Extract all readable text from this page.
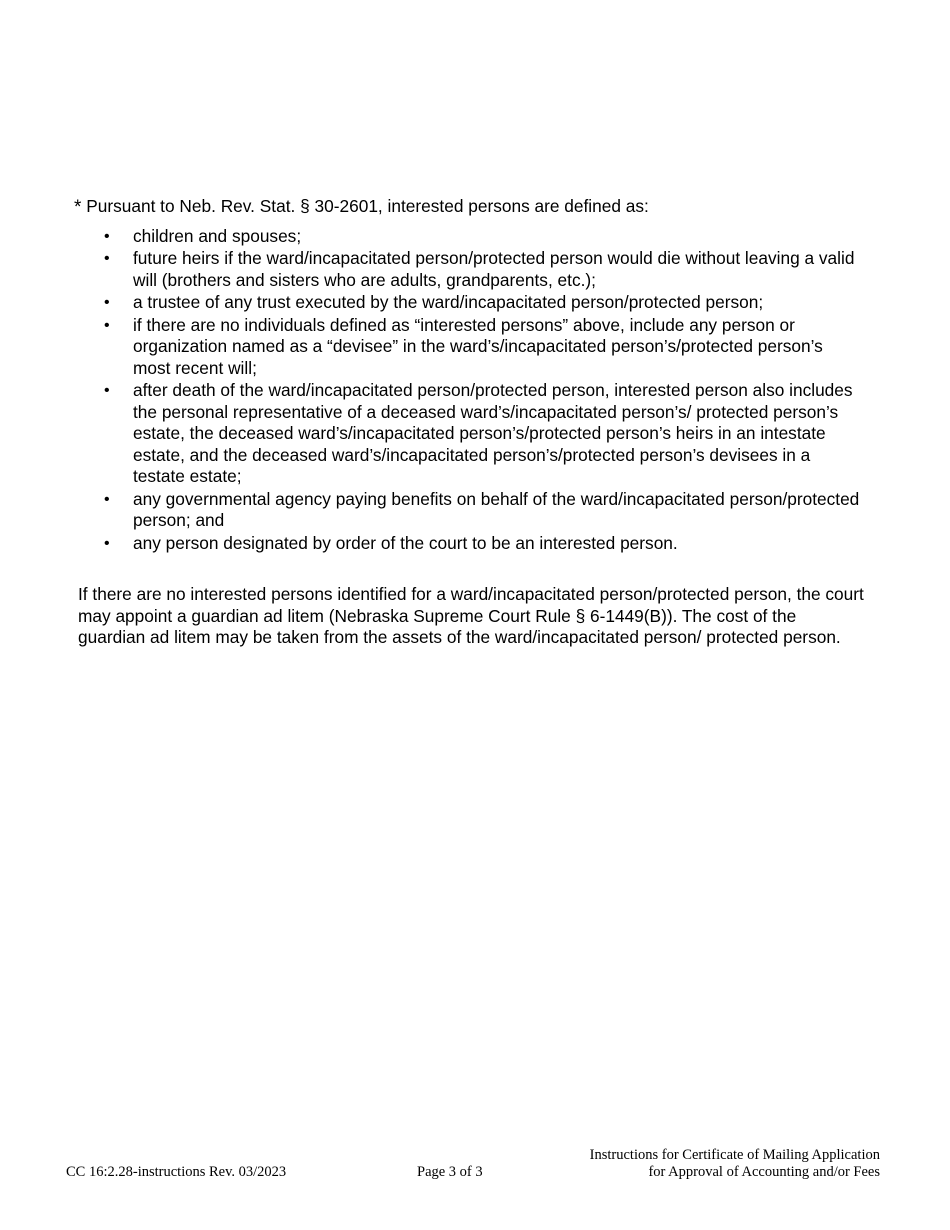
* Pursuant to Neb. Rev. Stat. § 30-2601, interested persons are defined as:

• children and spouses;
• future heirs if the ward/incapacitated person/protected person would die without leaving a valid will (brothers and sisters who are adults, grandparents, etc.);
• a trustee of any trust executed by the ward/incapacitated person/protected person;
• if there are no individuals defined as “interested persons” above, include any person or organization named as a “devisee” in the ward’s/incapacitated person’s/protected person’s most recent will;
• after death of the ward/incapacitated person/protected person, interested person also includes the personal representative of a deceased ward’s/incapacitated person’s/ protected person’s estate, the deceased ward’s/incapacitated person’s/protected person’s heirs in an intestate estate, and the deceased ward’s/incapacitated person’s/protected person’s devisees in a testate estate;
• any governmental agency paying benefits on behalf of the ward/incapacitated person/protected person; and
• any person designated by order of the court to be an interested person.

If there are no interested persons identified for a ward/incapacitated person/protected person, the court may appoint a guardian ad litem (Nebraska Supreme Court Rule § 6-1449(B)). The cost of the guardian ad litem may be taken from the assets of the ward/incapacitated person/ protected person.

CC 16:2.28-instructions Rev. 03/2023	Page 3 of 3
Instructions for Certificate of Mailing Application
for Approval of Accounting and/or Fees
